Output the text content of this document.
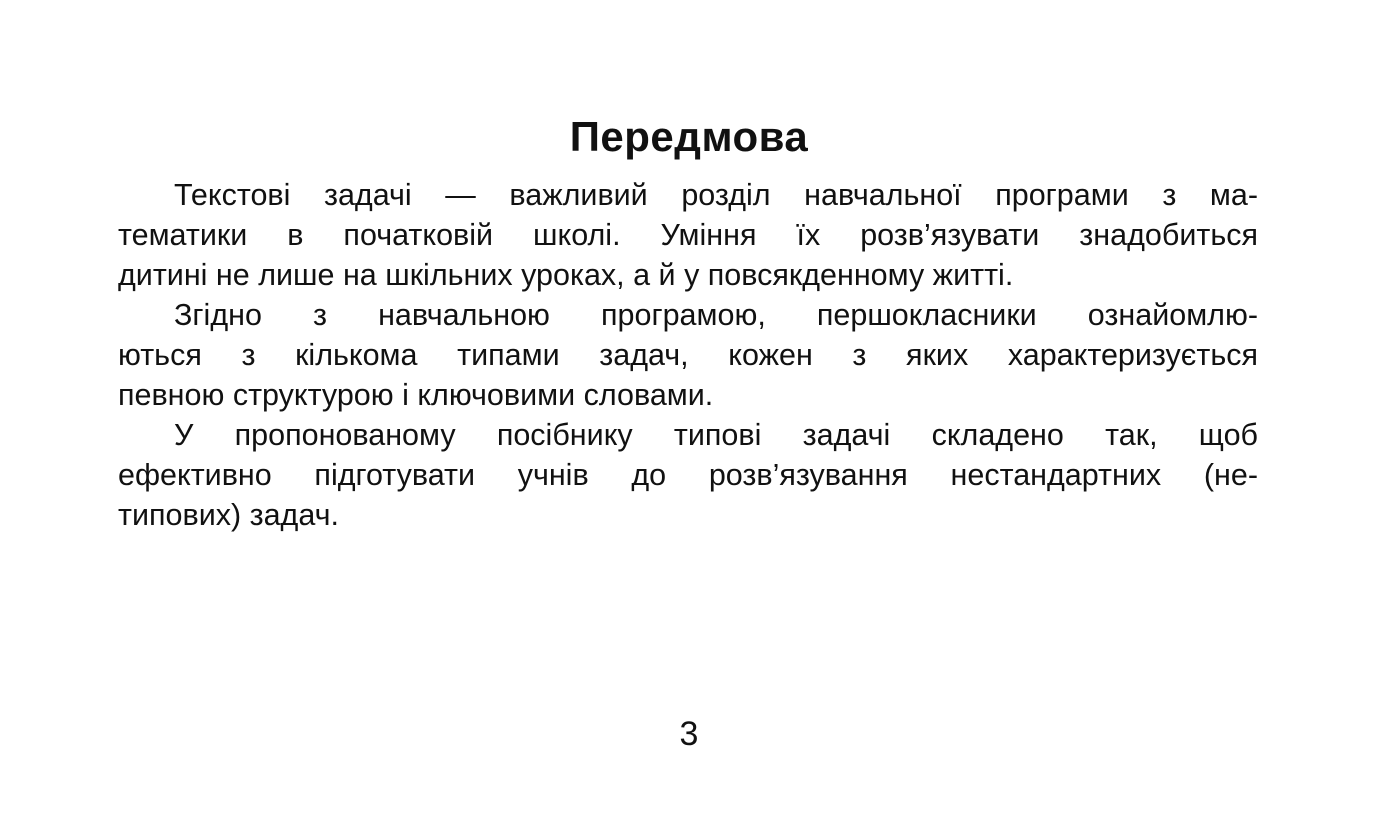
Передмова
Текстові задачі — важливий розділ навчальної програми з ма-
тематики в початковій школі. Уміння їх розв’язувати знадобиться
дитині не лише на шкільних уроках, а й у повсякденному житті.
Згідно з навчальною програмою, першокласники ознайомлю-
ються з кількома типами задач, кожен з яких характеризується
певною структурою і ключовими словами.
У пропонованому посібнику типові задачі складено так, щоб
ефективно підготувати учнів до розв’язування нестандартних (не-
типових) задач.
3
